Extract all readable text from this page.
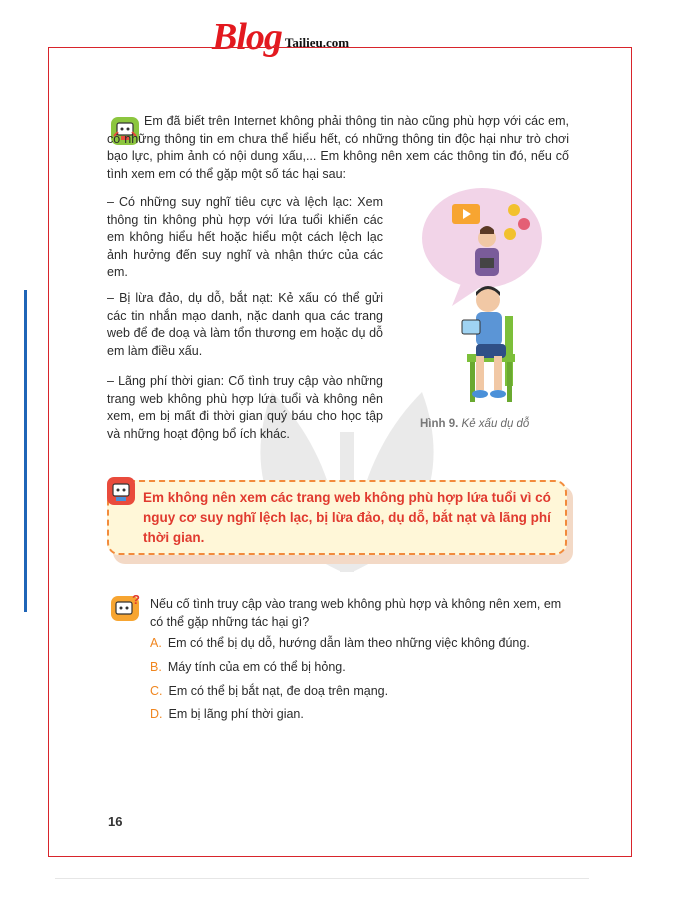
Blog Tailieu.com
Em đã biết trên Internet không phải thông tin nào cũng phù hợp với các em, có những thông tin em chưa thể hiểu hết, có những thông tin độc hại như trò chơi bạo lực, phim ảnh có nội dung xấu,... Em không nên xem các thông tin đó, nếu cố tình xem em có thể gặp một số tác hại sau:
– Có những suy nghĩ tiêu cực và lệch lạc: Xem thông tin không phù hợp với lứa tuổi khiến các em không hiểu hết hoặc hiểu một cách lệch lạc ảnh hưởng đến suy nghĩ và nhận thức của các em.
– Bị lừa đảo, dụ dỗ, bắt nạt: Kẻ xấu có thể gửi các tin nhắn mạo danh, nặc danh qua các trang web để đe doạ và làm tổn thương em hoặc dụ dỗ em làm điều xấu.
– Lãng phí thời gian: Cố tình truy cập vào những trang web không phù hợp lứa tuổi và không nên xem, em bị mất đi thời gian quý báu cho học tập và những hoạt động bổ ích khác.
Hình 9. Kẻ xấu dụ dỗ
Em không nên xem các trang web không phù hợp lứa tuổi vì có nguy cơ suy nghĩ lệch lạc, bị lừa đảo, dụ dỗ, bắt nạt và lãng phí thời gian.
? Nếu cố tình truy cập vào trang web không phù hợp và không nên xem, em có thể gặp những tác hại gì?
A. Em có thể bị dụ dỗ, hướng dẫn làm theo những việc không đúng.
B. Máy tính của em có thể bị hỏng.
C. Em có thể bị bắt nạt, đe doạ trên mạng.
D. Em bị lãng phí thời gian.
16
